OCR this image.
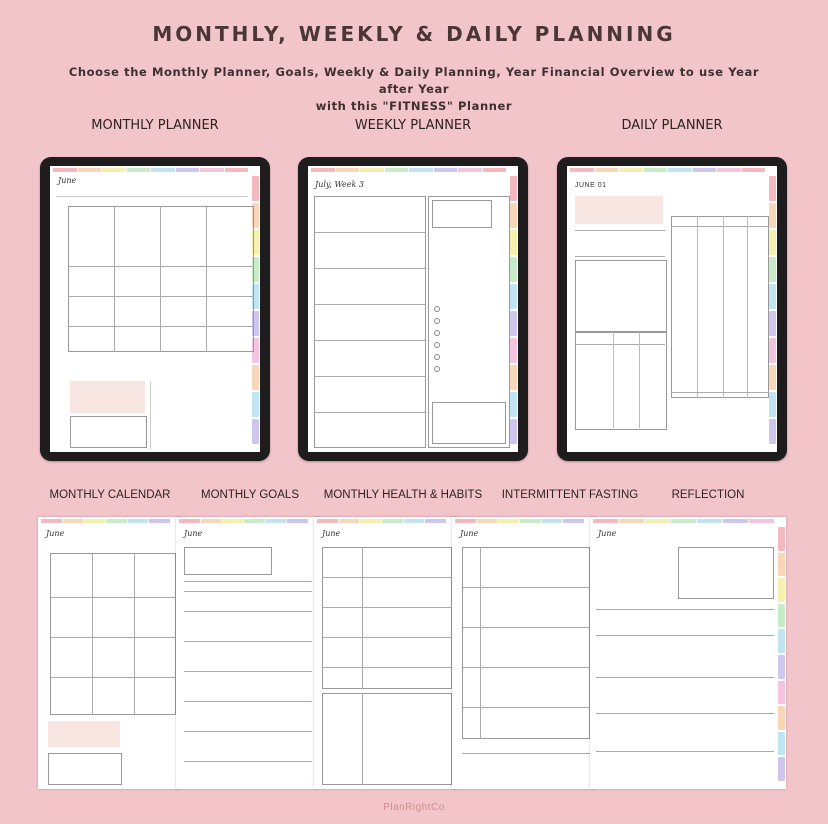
MONTHLY, WEEKLY & DAILY PLANNING
Choose the Monthly Planner, Goals, Weekly & Daily Planning, Year Financial Overview to use Year after Year
with this "FITNESS" Planner
MONTHLY PLANNER	WEEKLY PLANNER	DAILY PLANNER
June	July, Week 3	JUNE 01
MONTHLY CALENDAR	MONTHLY GOALS	MONTHLY HEALTH & HABITS	INTERMITTENT FASTING	REFLECTION
June	June	June	June	June
PlanRightCo
